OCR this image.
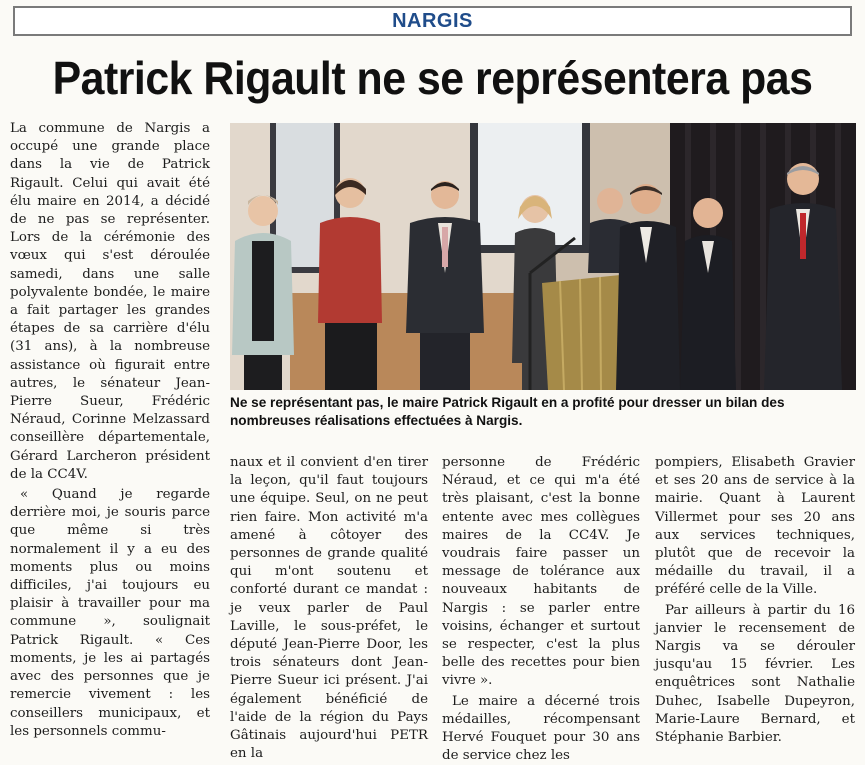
NARGIS
Patrick Rigault ne se représentera pas

La commune de Nargis a occupé une grande place dans la vie de Patrick Rigault. Celui qui avait été élu maire en 2014, a décidé de ne pas se représenter. Lors de la cérémonie des vœux qui s'est déroulée samedi, dans une salle polyvalente bondée, le maire a fait partager les grandes étapes de sa carrière d'élu (31 ans), à la nombreuse assistance où figurait entre autres, le sénateur Jean-Pierre Sueur, Frédéric Néraud, Corinne Melzassard conseillère départementale, Gérard Larcheron président de la CC4V.

« Quand je regarde derrière moi, je souris parce que même si très normalement il y a eu des moments plus ou moins difficiles, j'ai toujours eu plaisir à travailler pour ma commune », soulignait Patrick Rigault. « Ces moments, je les ai partagés avec des personnes que je remercie vivement : les conseillers municipaux, et les personnels commu-

Ne se représentant pas, le maire Patrick Rigault en a profité pour dresser un bilan des nombreuses réalisations effectuées à Nargis.

naux et il convient d'en tirer la leçon, qu'il faut toujours une équipe. Seul, on ne peut rien faire. Mon activité m'a amené à côtoyer des personnes de grande qualité qui m'ont soutenu et conforté durant ce mandat : je veux parler de Paul Laville, le sous-préfet, le député Jean-Pierre Door, les trois sénateurs dont Jean-Pierre Sueur ici présent. J'ai également bénéficié de l'aide de la région du Pays Gâtinais aujourd'hui PETR en la

personne de Frédéric Néraud, et ce qui m'a été très plaisant, c'est la bonne entente avec mes collègues maires de la CC4V. Je voudrais faire passer un message de tolérance aux nouveaux habitants de Nargis : se parler entre voisins, échanger et surtout se respecter, c'est la plus belle des recettes pour bien vivre ».

Le maire a décerné trois médailles, récompensant Hervé Fouquet pour 30 ans de service chez les

pompiers, Elisabeth Gravier et ses 20 ans de service à la mairie. Quant à Laurent Villermet pour ses 20 ans aux services techniques, plutôt que de recevoir la médaille du travail, il a préféré celle de la Ville.

Par ailleurs à partir du 16 janvier le recensement de Nargis va se dérouler jusqu'au 15 février. Les enquêtrices sont Nathalie Duhec, Isabelle Dupeyron, Marie-Laure Bernard, et Stéphanie Barbier.
